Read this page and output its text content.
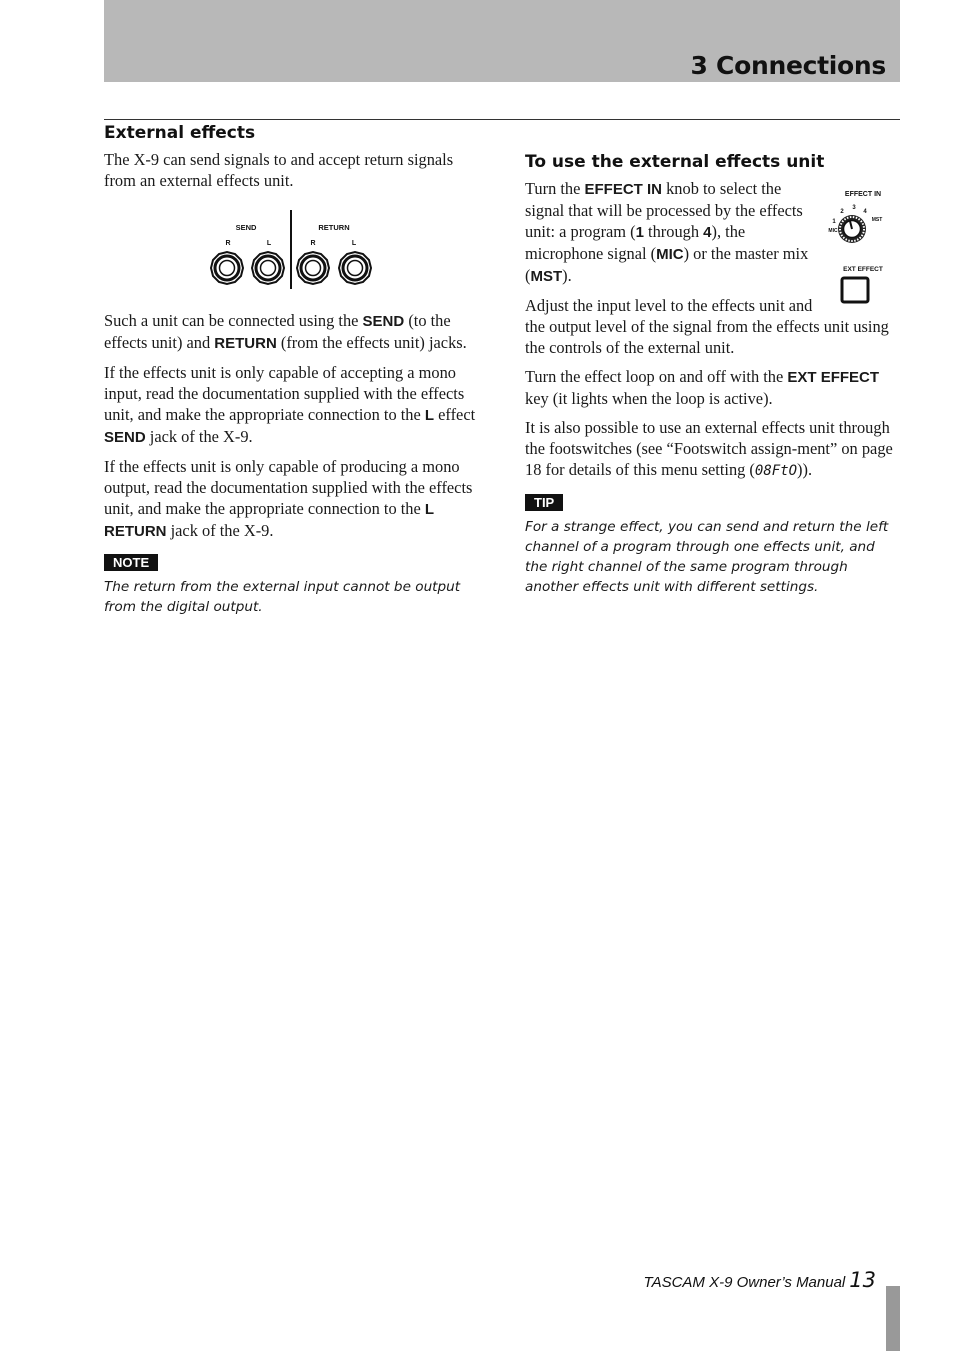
3 Connections
External effects

The X-9 can send signals to and accept return signals from an external effects unit.

SEND	RETURN
R	L	R	L

Such a unit can be connected using the SEND (to the effects unit) and RETURN (from the effects unit) jacks.

If the effects unit is only capable of accepting a mono input, read the documentation supplied with the effects unit, and make the appropriate connection to the L effect SEND jack of the X-9.

If the effects unit is only capable of producing a mono output, read the documentation supplied with the effects unit, and make the appropriate connection to the L RETURN jack of the X-9.

NOTE

The return from the external input cannot be output from the digital output.

To use the external effects unit
EFFECT IN
1
2
3
4
MIC
MST
EXT EFFECT

Turn the EFFECT IN knob to select the signal that will be processed by the effects unit: a program (1 through 4), the microphone signal (MIC) or the master mix (MST).

Adjust the input level to the effects unit and the output level of the signal from the effects unit using the controls of the external unit.

Turn the effect loop on and off with the EXT EFFECT key (it lights when the loop is active).

It is also possible to use an external effects unit through the footswitches (see “Footswitch assign-ment” on page 18 for details of this menu setting (08FtO)).

TIP

For a strange effect, you can send and return the left channel of a program through one effects unit, and the right channel of the same program through another effects unit with different settings.

TASCAM X-9 Owner’s Manual 13
